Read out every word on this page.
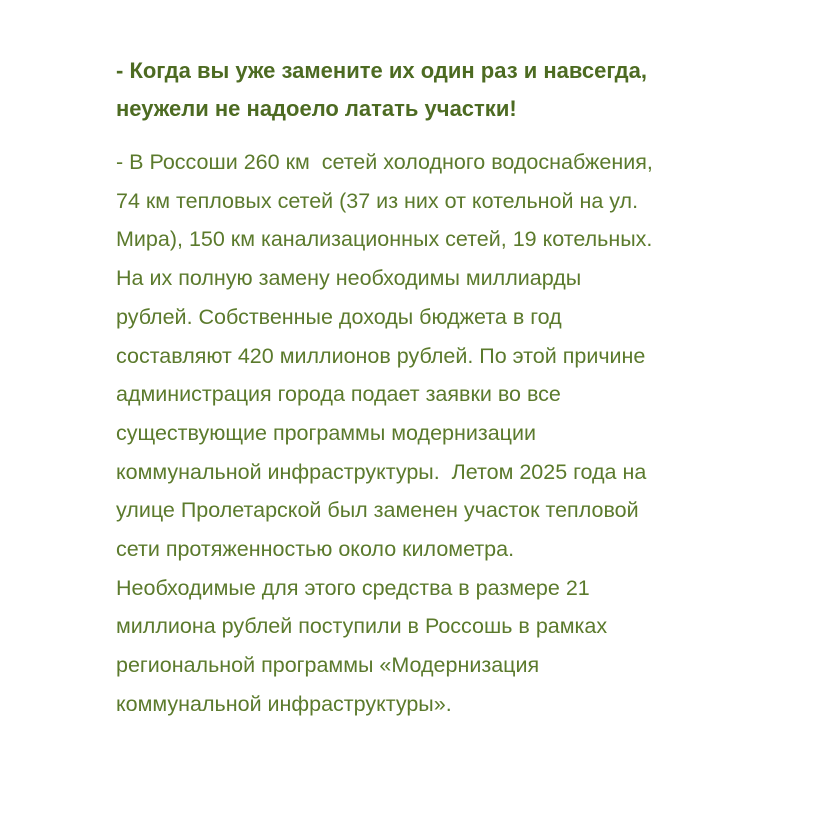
- Когда вы уже замените их один раз и навсегда,
неужели не надоело латать участки!
- В Россоши 260 км  сетей холодного водоснабжения,
74 км тепловых сетей (37 из них от котельной на ул.
Мира), 150 км канализационных сетей, 19 котельных.
На их полную замену необходимы миллиарды
рублей. Собственные доходы бюджета в год
составляют 420 миллионов рублей. По этой причине
администрация города подает заявки во все
существующие программы модернизации
коммунальной инфраструктуры.  Летом 2025 года на
улице Пролетарской был заменен участок тепловой
сети протяженностью около километра.
Необходимые для этого средства в размере 21
миллиона рублей поступили в Россошь в рамках
региональной программы «Модернизация
коммунальной инфраструктуры».
